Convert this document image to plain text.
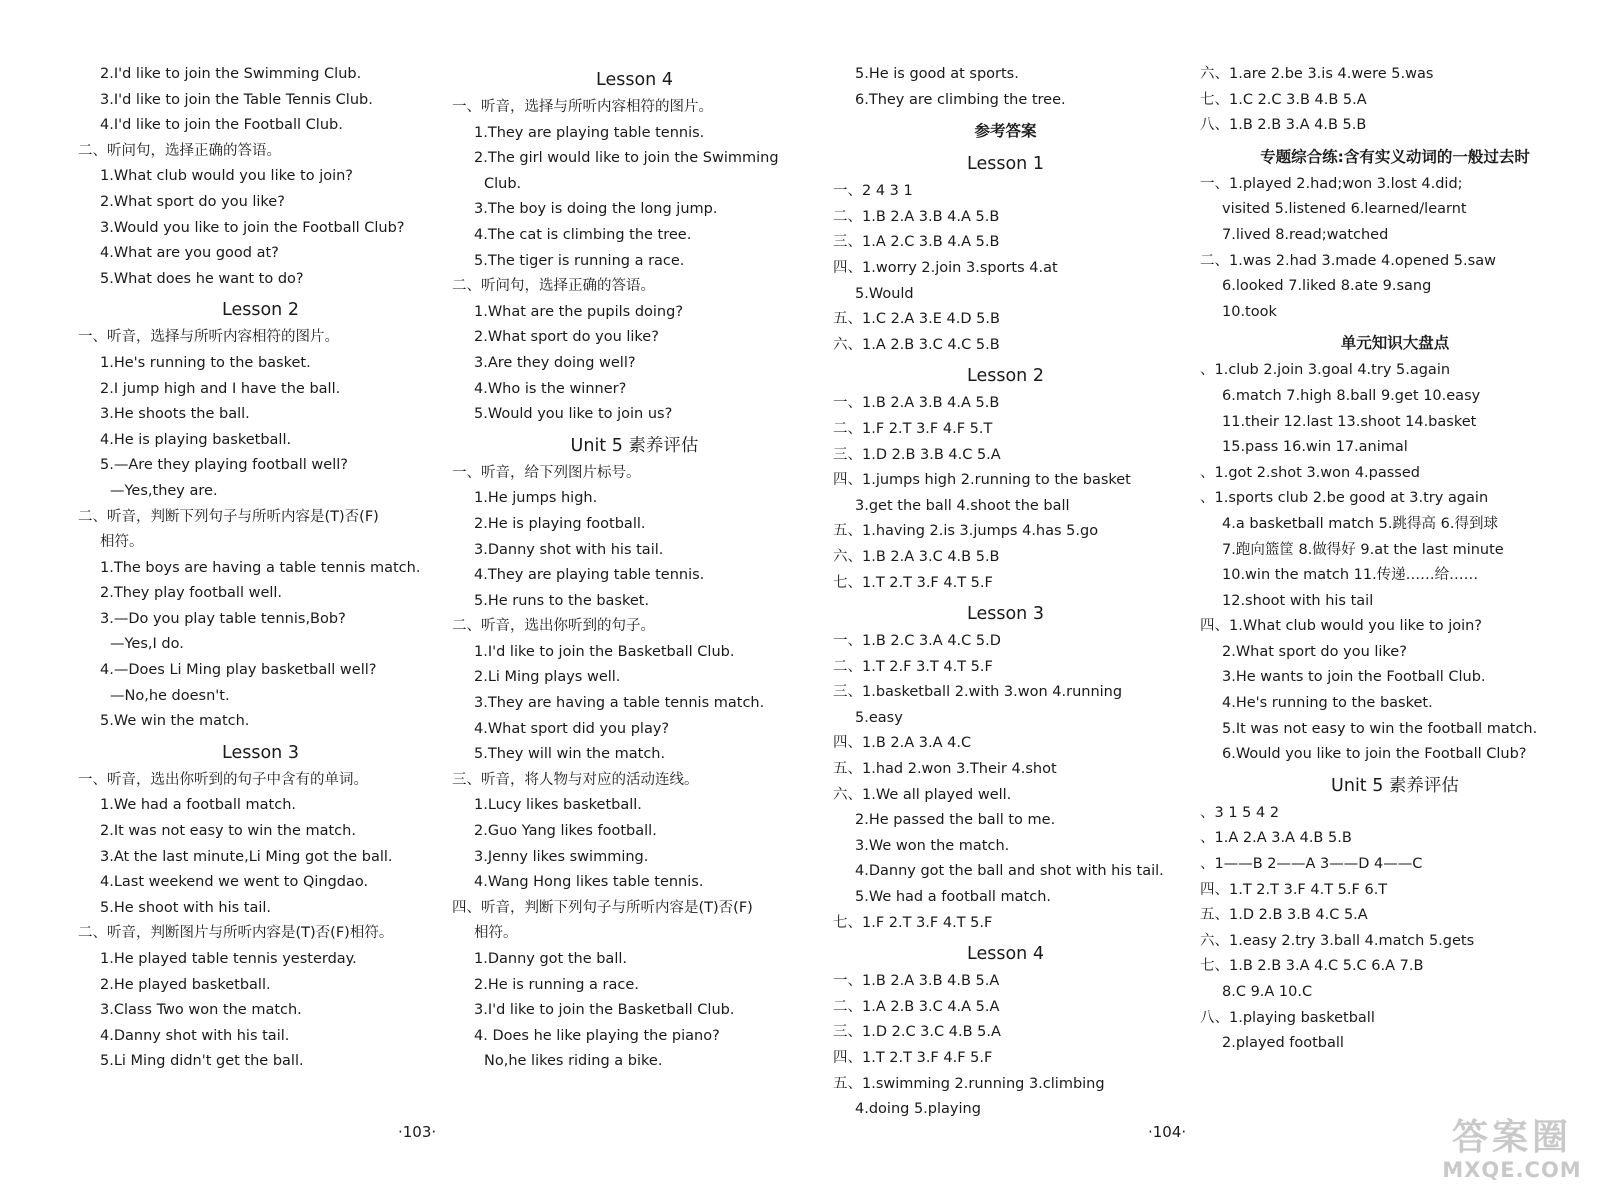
2.I'd like to join the Swimming Club.
3.I'd like to join the Table Tennis Club.
4.I'd like to join the Football Club.
二、听问句，选择正确的答语。
1.What club would you like to join?
2.What sport do you like?
3.Would you like to join the Football Club?
4.What are you good at?
5.What does he want to do?
Lesson 2
一、听音，选择与所听内容相符的图片。
1.He's running to the basket.
2.I jump high and I have the ball.
3.He shoots the ball.
4.He is playing basketball.
5.—Are they playing football well?
—Yes,they are.
二、听音，判断下列句子与所听内容是(T)否(F)
相符。
1.The boys are having a table tennis match.
2.They play football well.
3.—Do you play table tennis,Bob?
—Yes,I do.
4.—Does Li Ming play basketball well?
—No,he doesn't.
5.We win the match.
Lesson 3
一、听音，选出你听到的句子中含有的单词。
1.We had a football match.
2.It was not easy to win the match.
3.At the last minute,Li Ming got the ball.
4.Last weekend we went to Qingdao.
5.He shoot with his tail.
二、听音，判断图片与所听内容是(T)否(F)相符。
1.He played table tennis yesterday.
2.He played basketball.
3.Class Two won the match.
4.Danny shot with his tail.
5.Li Ming didn't get the ball.
Lesson 4
一、听音，选择与所听内容相符的图片。
1.They are playing table tennis.
2.The girl would like to join the Swimming
Club.
3.The boy is doing the long jump.
4.The cat is climbing the tree.
5.The tiger is running a race.
二、听问句，选择正确的答语。
1.What are the pupils doing?
2.What sport do you like?
3.Are they doing well?
4.Who is the winner?
5.Would you like to join us?
Unit 5 素养评估
一、听音，给下列图片标号。
1.He jumps high.
2.He is playing football.
3.Danny shot with his tail.
4.They are playing table tennis.
5.He runs to the basket.
二、听音，选出你听到的句子。
1.I'd like to join the Basketball Club.
2.Li Ming plays well.
3.They are having a table tennis match.
4.What sport did you play?
5.They will win the match.
三、听音，将人物与对应的活动连线。
1.Lucy likes basketball.
2.Guo Yang likes football.
3.Jenny likes swimming.
4.Wang Hong likes table tennis.
四、听音，判断下列句子与所听内容是(T)否(F)
相符。
1.Danny got the ball.
2.He is running a race.
3.I'd like to join the Basketball Club.
4. Does he like playing the piano?
No,he likes riding a bike.
5.He is good at sports.
6.They are climbing the tree.
参考答案
Lesson 1
一、2 4 3 1
二、1.B 2.A 3.B 4.A 5.B
三、1.A 2.C 3.B 4.A 5.B
四、1.worry 2.join 3.sports 4.at
5.Would
五、1.C 2.A 3.E 4.D 5.B
六、1.A 2.B 3.C 4.C 5.B
Lesson 2
一、1.B 2.A 3.B 4.A 5.B
二、1.F 2.T 3.F 4.F 5.T
三、1.D 2.B 3.B 4.C 5.A
四、1.jumps high 2.running to the basket
3.get the ball 4.shoot the ball
五、1.having 2.is 3.jumps 4.has 5.go
六、1.B 2.A 3.C 4.B 5.B
七、1.T 2.T 3.F 4.T 5.F
Lesson 3
一、1.B 2.C 3.A 4.C 5.D
二、1.T 2.F 3.T 4.T 5.F
三、1.basketball 2.with 3.won 4.running
5.easy
四、1.B 2.A 3.A 4.C
五、1.had 2.won 3.Their 4.shot
六、1.We all played well.
2.He passed the ball to me.
3.We won the match.
4.Danny got the ball and shot with his tail.
5.We had a football match.
七、1.F 2.T 3.F 4.T 5.F
Lesson 4
一、1.B 2.A 3.B 4.B 5.A
二、1.A 2.B 3.C 4.A 5.A
三、1.D 2.C 3.C 4.B 5.A
四、1.T 2.T 3.F 4.F 5.F
五、1.swimming 2.running 3.climbing
4.doing 5.playing
六、1.are 2.be 3.is 4.were 5.was
七、1.C 2.C 3.B 4.B 5.A
八、1.B 2.B 3.A 4.B 5.B
专题综合练:含有实义动词的一般过去时
一、1.played 2.had;won 3.lost 4.did;
visited 5.listened 6.learned/learnt
7.lived 8.read;watched
二、1.was 2.had 3.made 4.opened 5.saw
6.looked 7.liked 8.ate 9.sang
10.took
单元知识大盘点
、1.club 2.join 3.goal 4.try 5.again
6.match 7.high 8.ball 9.get 10.easy
11.their 12.last 13.shoot 14.basket
15.pass 16.win 17.animal
、1.got 2.shot 3.won 4.passed
、1.sports club 2.be good at 3.try again
4.a basketball match 5.跳得高 6.得到球
7.跑向篮筐 8.做得好 9.at the last minute
10.win the match 11.传递……给……
12.shoot with his tail
四、1.What club would you like to join?
2.What sport do you like?
3.He wants to join the Football Club.
4.He's running to the basket.
5.It was not easy to win the football match.
6.Would you like to join the Football Club?
Unit 5 素养评估
、3 1 5 4 2
、1.A 2.A 3.A 4.B 5.B
、1——B 2——A 3——D 4——C
四、1.T 2.T 3.F 4.T 5.F 6.T
五、1.D 2.B 3.B 4.C 5.A
六、1.easy 2.try 3.ball 4.match 5.gets
七、1.B 2.B 3.A 4.C 5.C 6.A 7.B
8.C 9.A 10.C
八、1.playing basketball
2.played football
·103·	·104·	答案圈
MXQE.COM
